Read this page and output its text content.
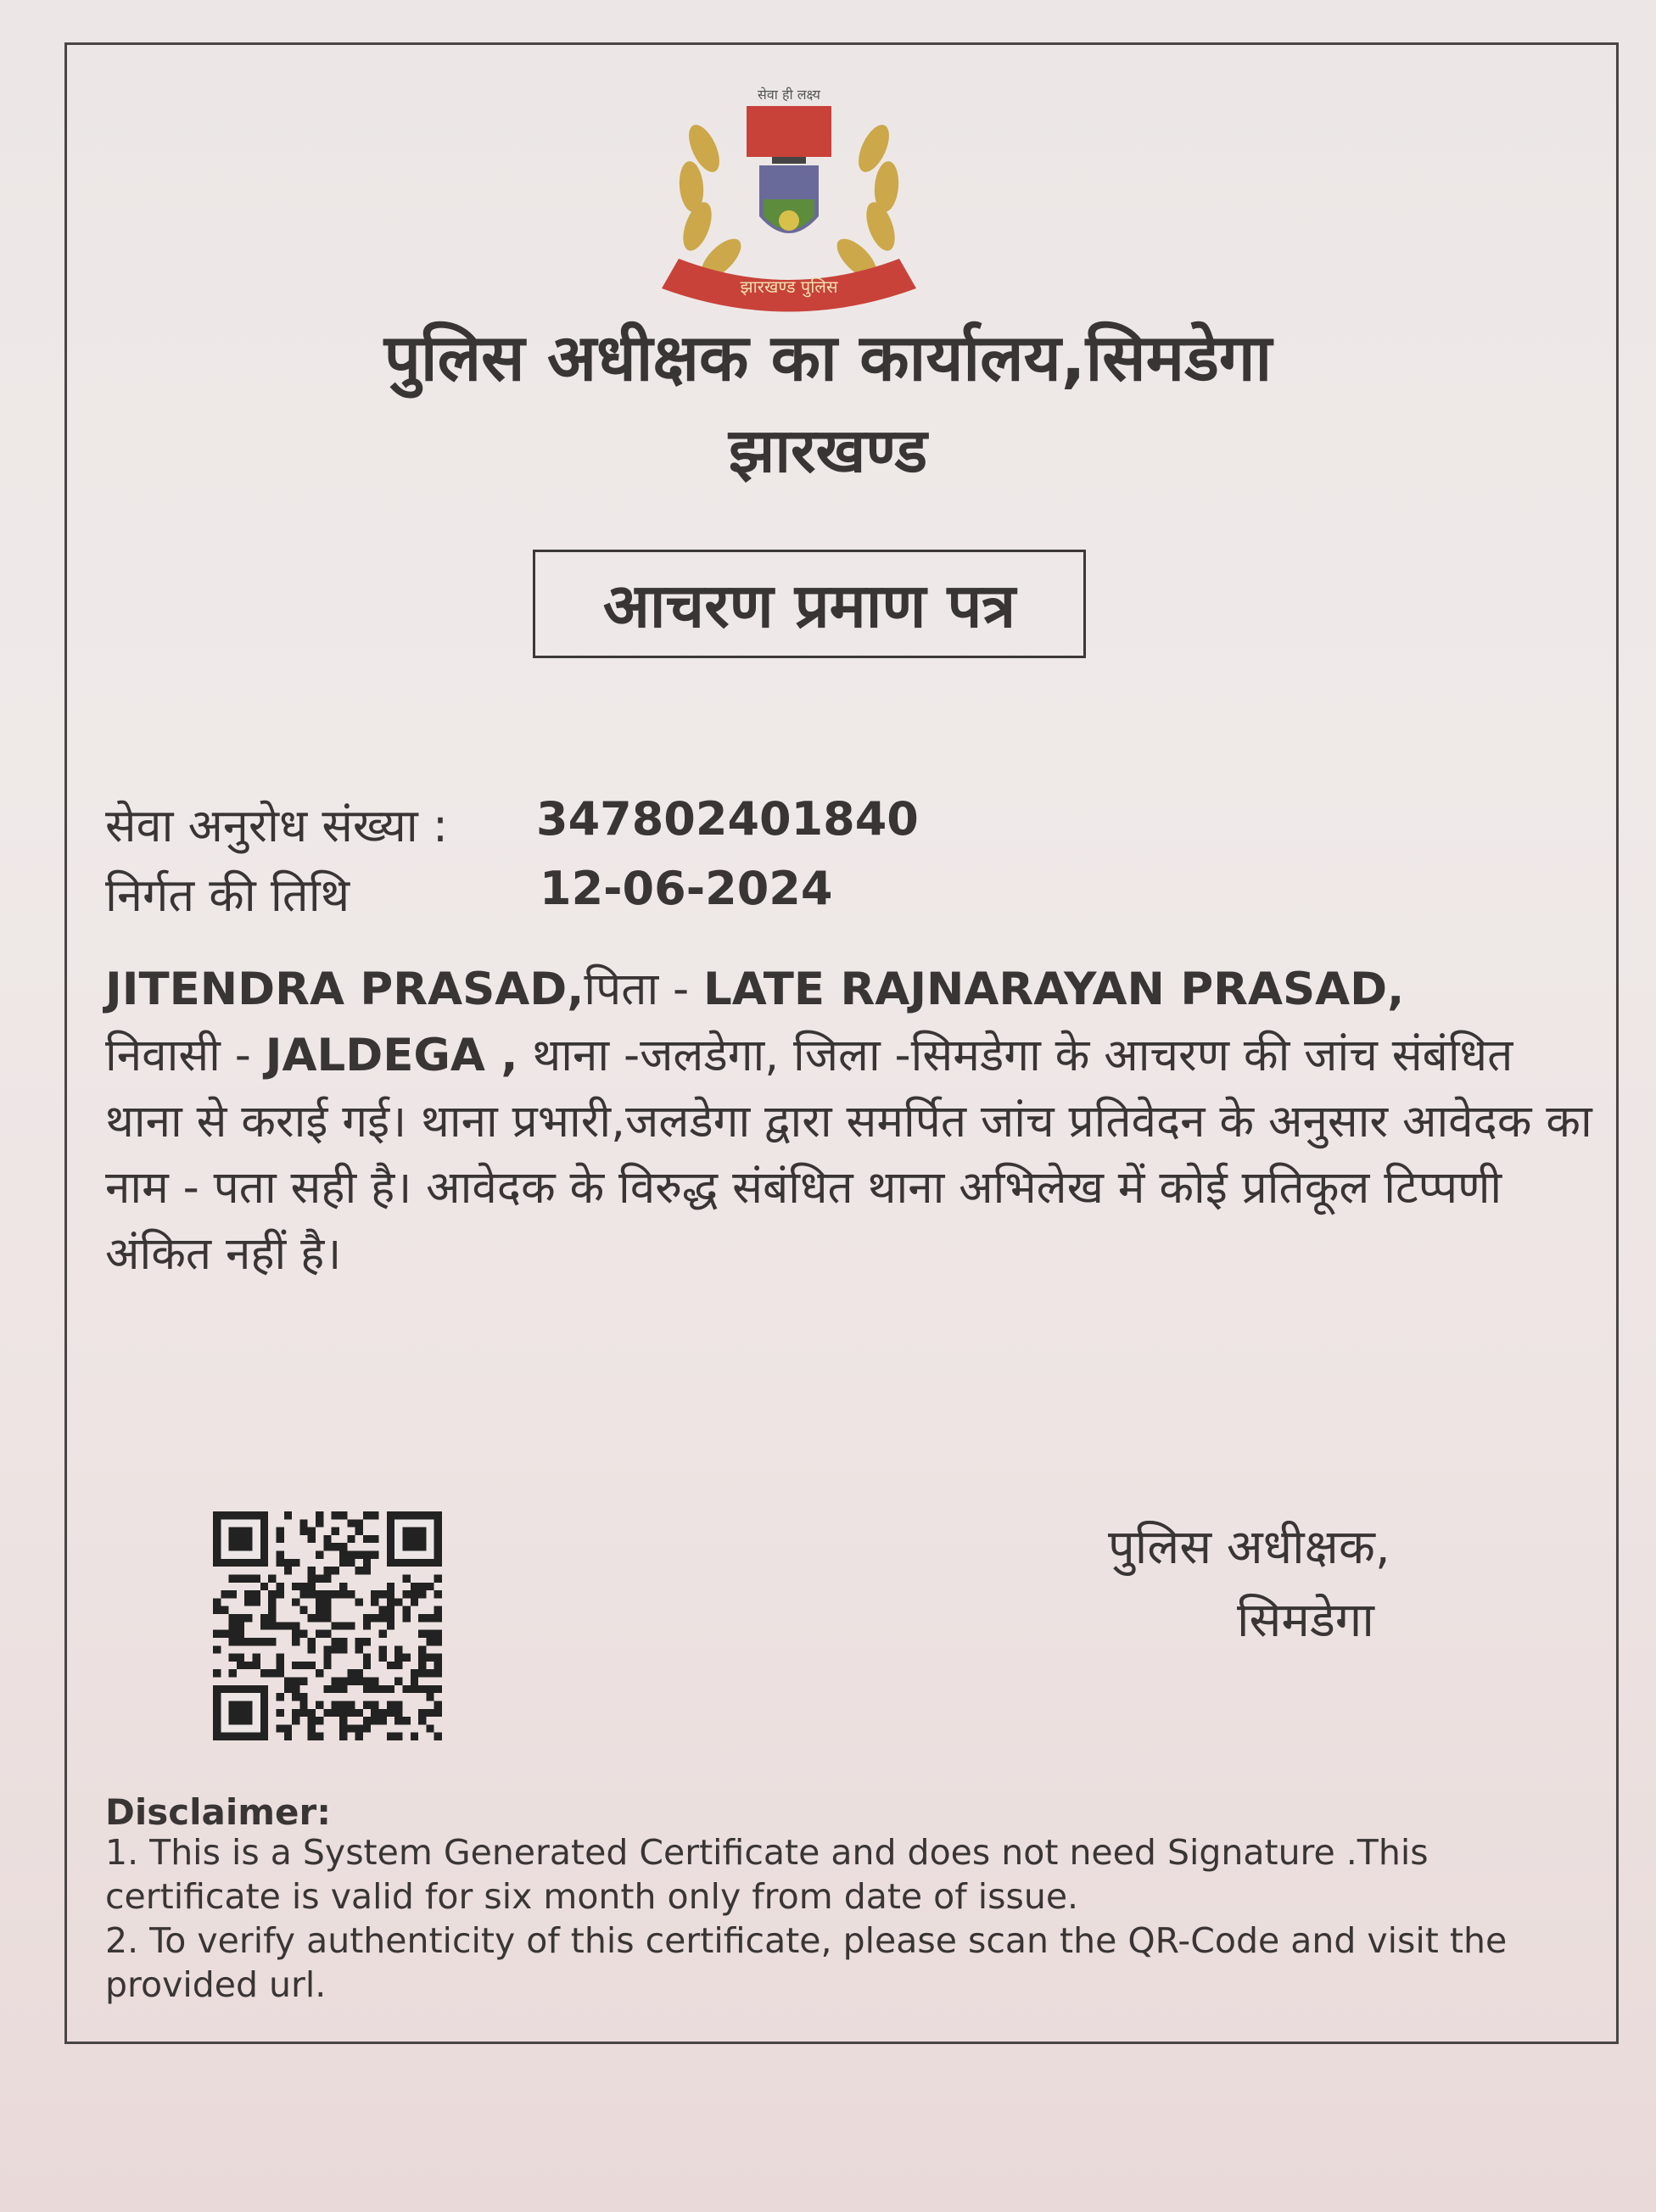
झारखण्ड पुलिस
सेवा ही लक्ष्य
पुलिस अधीक्षक का कार्यालय,सिमडेगा
झारखण्ड
आचरण प्रमाण पत्र
सेवा अनुरोध संख्या : 347802401840
निर्गत की तिथि	12-06-2024

JITENDRA PRASAD,पिता - LATE RAJNARAYAN PRASAD,
निवासी - JALDEGA , थाना -जलडेगा, जिला -सिमडेगा के आचरण की जांच संबंधित थाना से कराई गई। थाना प्रभारी,जलडेगा द्वारा समर्पित जांच प्रतिवेदन के अनुसार आवेदक का नाम - पता सही है। आवेदक के विरुद्ध संबंधित थाना अभिलेख में कोई प्रतिकूल टिप्पणी अंकित नहीं है।

पुलिस अधीक्षक,
सिमडेगा
Disclaimer:

1. This is a System Generated Certificate and does not need Signature .This certificate is valid for six month only from date of issue.

2. To verify authenticity of this certificate, please scan the QR-Code and visit the provided url.
